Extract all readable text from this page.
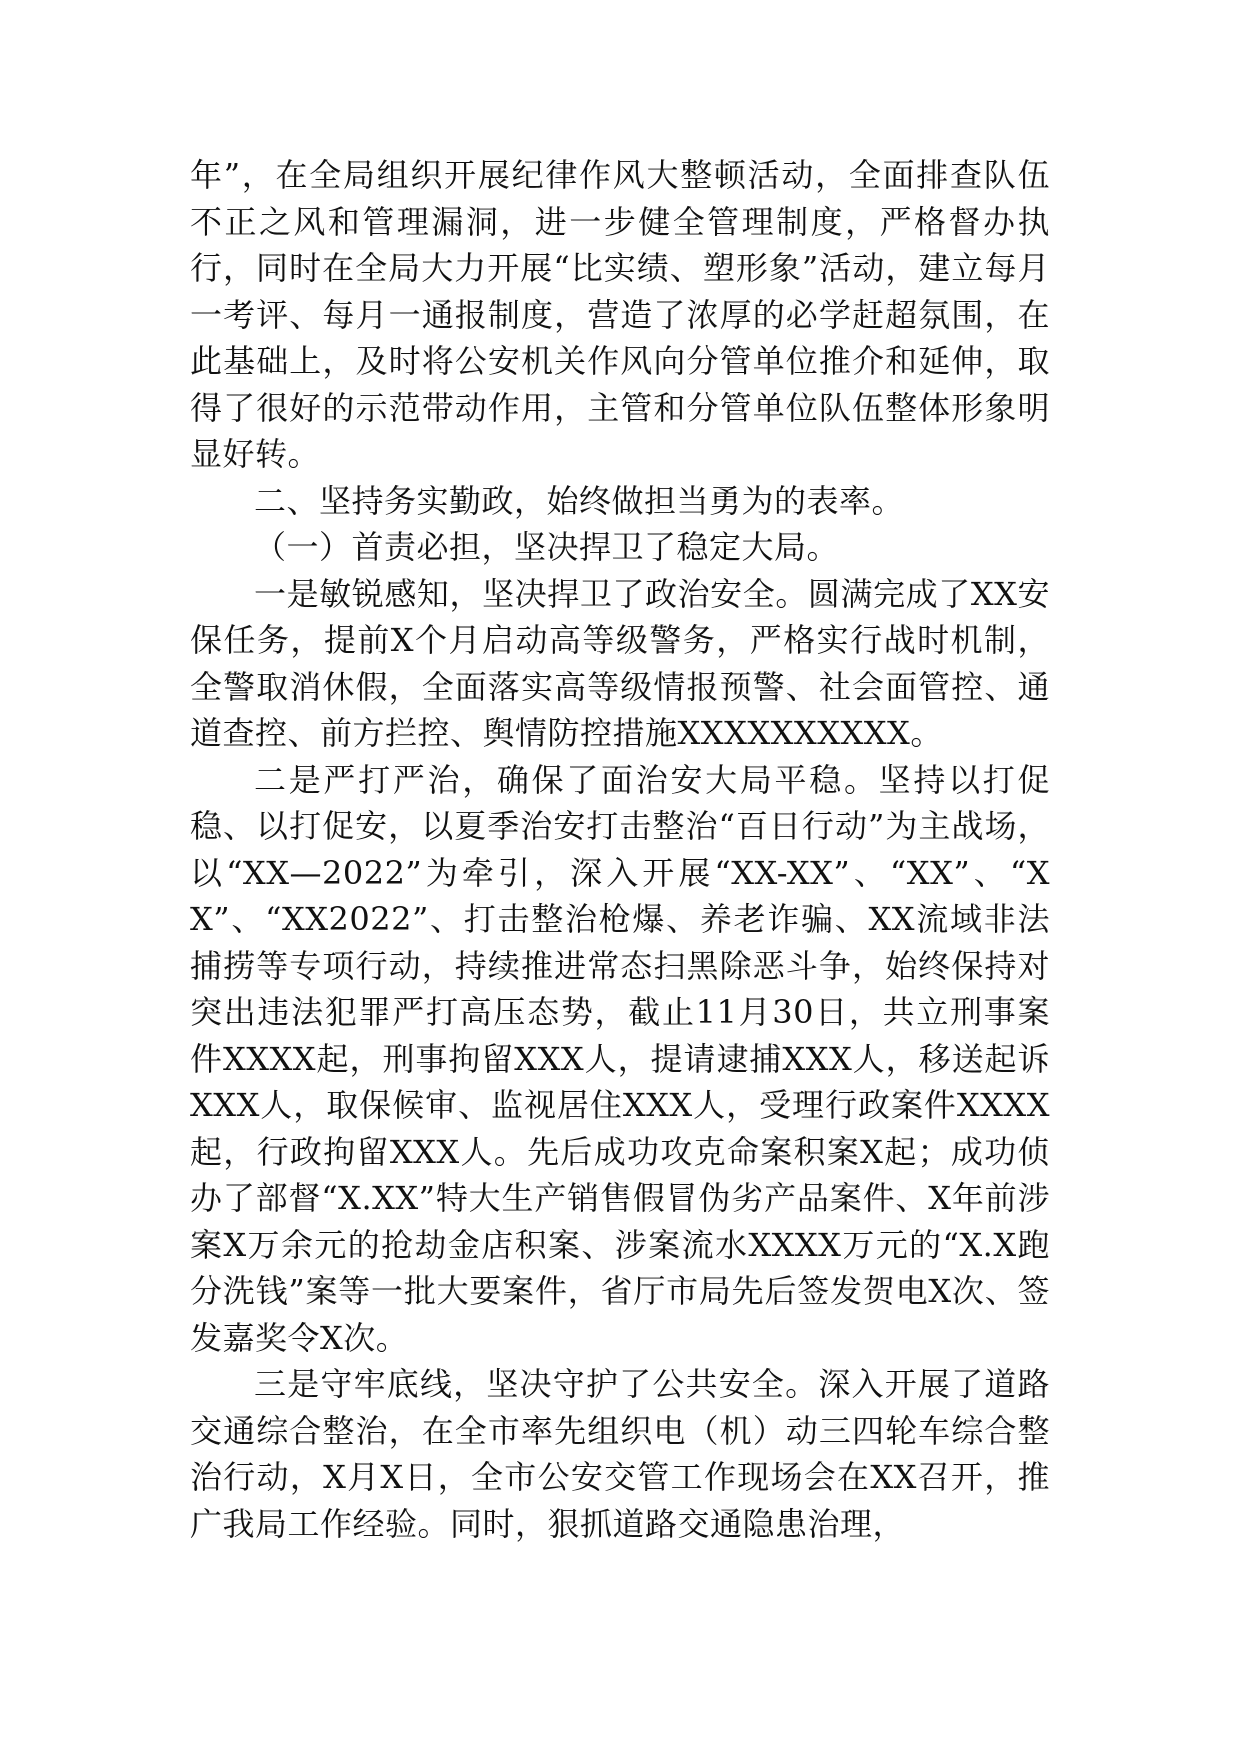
年”，在全局组织开展纪律作风大整顿活动，全面排查队伍不正之风和管理漏洞，进一步健全管理制度，严格督办执行，同时在全局大力开展“比实绩、塑形象”活动，建立每月一考评、每月一通报制度，营造了浓厚的必学赶超氛围，在此基础上，及时将公安机关作风向分管单位推介和延伸，取得了很好的示范带动作用，主管和分管单位队伍整体形象明显好转。

二、坚持务实勤政，始终做担当勇为的表率。

（一）首责必担，坚决捍卫了稳定大局。

一是敏锐感知，坚决捍卫了政治安全。圆满完成了XX安保任务，提前X个月启动高等级警务，严格实行战时机制，全警取消休假，全面落实高等级情报预警、社会面管控、通道查控、前方拦控、舆情防控措施XXXXXXXXXX。

二是严打严治，确保了面治安大局平稳。坚持以打促稳、以打促安，以夏季治安打击整治“百日行动”为主战场，以“XX—2022”为牵引，深入开展“XX-XX”、“XX”、“XX”、“XX2022”、打击整治枪爆、养老诈骗、XX流域非法捕捞等专项行动，持续推进常态扫黑除恶斗争，始终保持对突出违法犯罪严打高压态势，截止11月30日，共立刑事案件XXXX起，刑事拘留XXX人，提请逮捕XXX人，移送起诉XXX人，取保候审、监视居住XXX人，受理行政案件XXXX起，行政拘留XXX人。先后成功攻克命案积案X起；成功侦办了部督“X.XX”特大生产销售假冒伪劣产品案件、X年前涉案X万余元的抢劫金店积案、涉案流水XXXX万元的“X.X跑分洗钱”案等一批大要案件，省厅市局先后签发贺电X次、签发嘉奖令X次。

三是守牢底线，坚决守护了公共安全。深入开展了道路交通综合整治，在全市率先组织电（机）动三四轮车综合整治行动，X月X日，全市公安交管工作现场会在XX召开，推广我局工作经验。同时，狠抓道路交通隐患治理，
